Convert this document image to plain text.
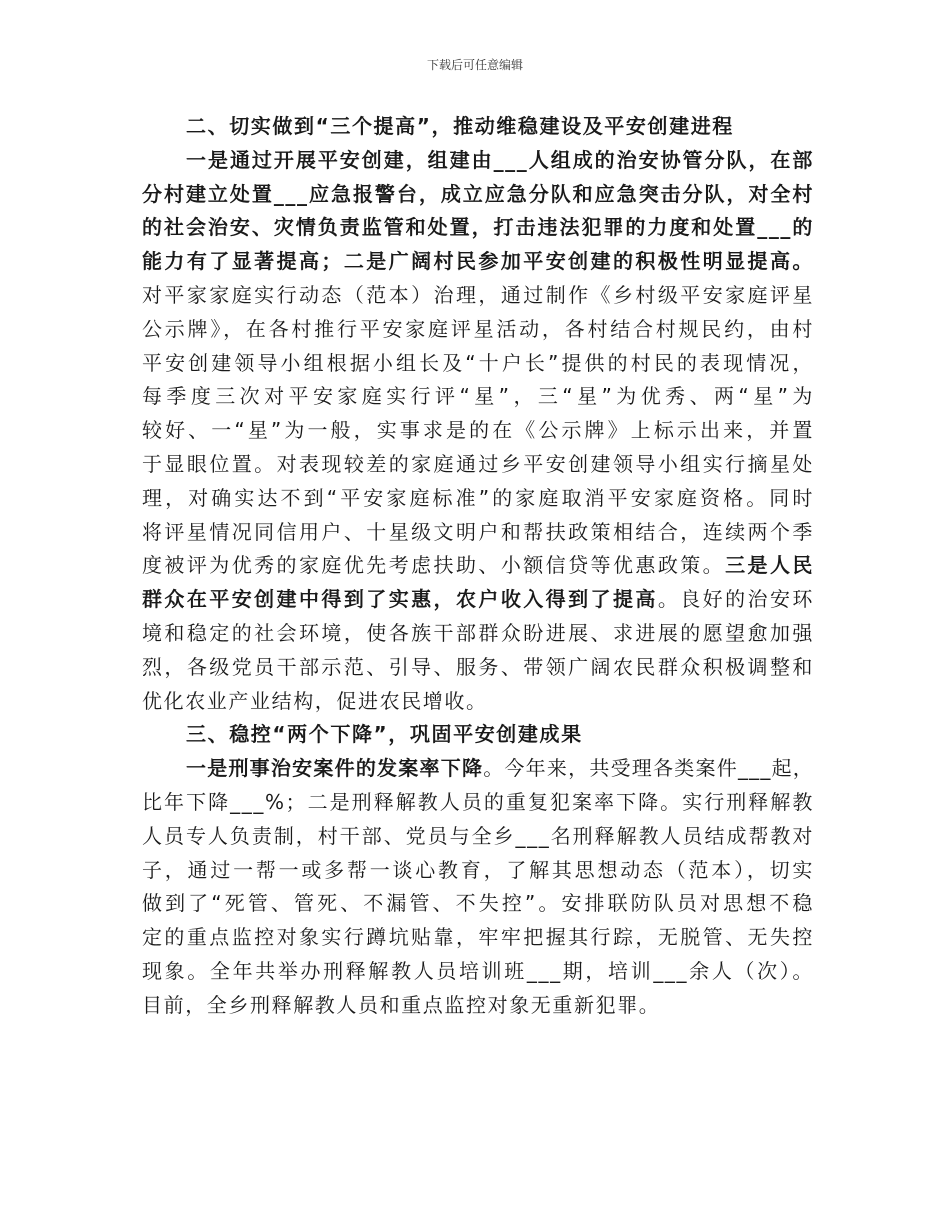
下载后可任意编辑
二、切实做到“三个提高”，推动维稳建设及平安创建进程
一是通过开展平安创建，组建由___人组成的治安协管分队，在部
分村建立处置___应急报警台，成立应急分队和应急突击分队，对全村
的社会治安、灾情负责监管和处置，打击违法犯罪的力度和处置___的
能力有了显著提高；二是广阔村民参加平安创建的积极性明显提高。
对平家家庭实行动态（范本）治理，通过制作《乡村级平安家庭评星
公示牌》，在各村推行平安家庭评星活动，各村结合村规民约，由村
平安创建领导小组根据小组长及“十户长”提供的村民的表现情况，
每季度三次对平安家庭实行评“星”，三“星”为优秀、两“星”为
较好、一“星”为一般，实事求是的在《公示牌》上标示出来，并置
于显眼位置。对表现较差的家庭通过乡平安创建领导小组实行摘星处
理，对确实达不到“平安家庭标准”的家庭取消平安家庭资格。同时
将评星情况同信用户、十星级文明户和帮扶政策相结合，连续两个季
度被评为优秀的家庭优先考虑扶助、小额信贷等优惠政策。三是人民
群众在平安创建中得到了实惠，农户收入得到了提高。良好的治安环
境和稳定的社会环境，使各族干部群众盼进展、求进展的愿望愈加强
烈，各级党员干部示范、引导、服务、带领广阔农民群众积极调整和
优化农业产业结构，促进农民增收。
三、稳控“两个下降”，巩固平安创建成果
一是刑事治安案件的发案率下降。今年来，共受理各类案件___起，
比年下降___%；二是刑释解教人员的重复犯案率下降。实行刑释解教
人员专人负责制，村干部、党员与全乡___名刑释解教人员结成帮教对
子，通过一帮一或多帮一谈心教育，了解其思想动态（范本），切实
做到了“死管、管死、不漏管、不失控”。安排联防队员对思想不稳
定的重点监控对象实行蹲坑贴靠，牢牢把握其行踪，无脱管、无失控
现象。全年共举办刑释解教人员培训班___期，培训___余人（次）。
目前，全乡刑释解教人员和重点监控对象无重新犯罪。
